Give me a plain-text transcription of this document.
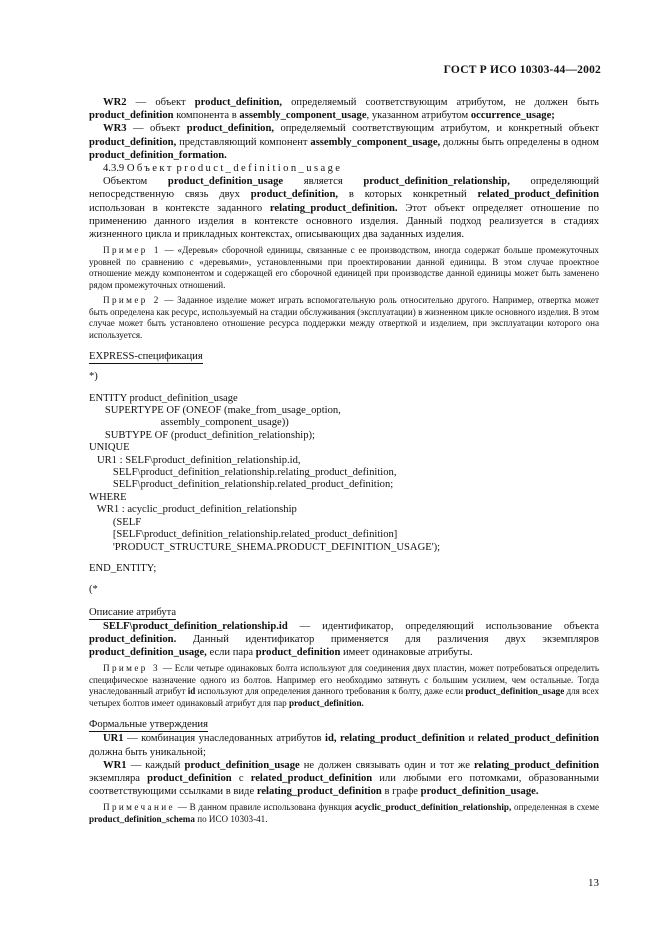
ГОСТ Р ИСО 10303-44—2002

WR2 — объект product_definition, определяемый соответствующим атрибутом, не должен быть product_definition компонента в assembly_component_usage, указанном атрибутом occurrence_usage;

WR3 — объект product_definition, определяемый соответствующим атрибутом, и конкретный объект product_definition, представляющий компонент assembly_component_usage, должны быть определены в одном product_definition_formation.

4.3.9 Объект product_definition_usage

Объектом product_definition_usage является product_definition_relationship, определяющий непосредственную связь двух product_definition, в которых конкретный related_product_definition использован в контексте заданного relating_product_definition. Этот объект определяет отношение по применению данного изделия в контексте основного изделия. Данный подход реализуется в стадиях жизненного цикла и прикладных контекстах, описывающих два заданных изделия.

Пример 1 — «Деревья» сборочной единицы, связанные с ее производством, иногда содержат больше промежуточных уровней по сравнению с «деревьями», установленными при проектировании данной единицы. В этом случае проектное отношение между компонентом и содержащей его сборочной единицей при производстве данной единицы может быть заменено рядом промежуточных отношений.

Пример 2 — Заданное изделие может играть вспомогательную роль относительно другого. Например, отвертка может быть определена как ресурс, используемый на стадии обслуживания (эксплуатации) в жизненном цикле основного изделия. В этом случае может быть установлено отношение ресурса поддержки между отверткой и изделием, при эксплуатации которого она используется.

EXPRESS-спецификация
*)
ENTITY product_definition_usage
SUPERTYPE OF (ONEOF (make_from_usage_option,
assembly_component_usage))
SUBTYPE OF (product_definition_relationship);
UNIQUE
UR1 : SELF\product_definition_relationship.id,
SELF\product_definition_relationship.relating_product_definition,
SELF\product_definition_relationship.related_product_definition;
WHERE
WR1 : acyclic_product_definition_relationship
(SELF
[SELF\product_definition_relationship.related_product_definition]
'PRODUCT_STRUCTURE_SHEMA.PRODUCT_DEFINITION_USAGE');
END_ENTITY;
(*
Описание атрибута

SELF\product_definition_relationship.id — идентификатор, определяющий использование объекта product_definition. Данный идентификатор применяется для различения двух экземпляров product_definition_usage, если пара product_definition имеет одинаковые атрибуты.

Пример 3 — Если четыре одинаковых болта используют для соединения двух пластин, может потребоваться определить специфическое назначение одного из болтов. Например его необходимо затянуть с большим усилием, чем остальные. Тогда унаследованный атрибут id используют для определения данного требования к болту, даже если product_definition_usage для всех четырех болтов имеет одинаковый атрибут для пар product_definition.

Формальные утверждения

UR1 — комбинация унаследованных атрибутов id, relating_product_definition и related_product_definition должна быть уникальной;

WR1 — каждый product_definition_usage не должен связывать один и тот же relating_product_definition экземпляра product_definition с related_product_definition или любыми его потомками, образованными соответствующими ссылками в виде relating_product_definition в графе product_definition_usage.

Примечание — В данном правиле использована функция acyclic_product_definition_relationship, определенная в схеме product_definition_schema по ИСО 10303-41.

13
